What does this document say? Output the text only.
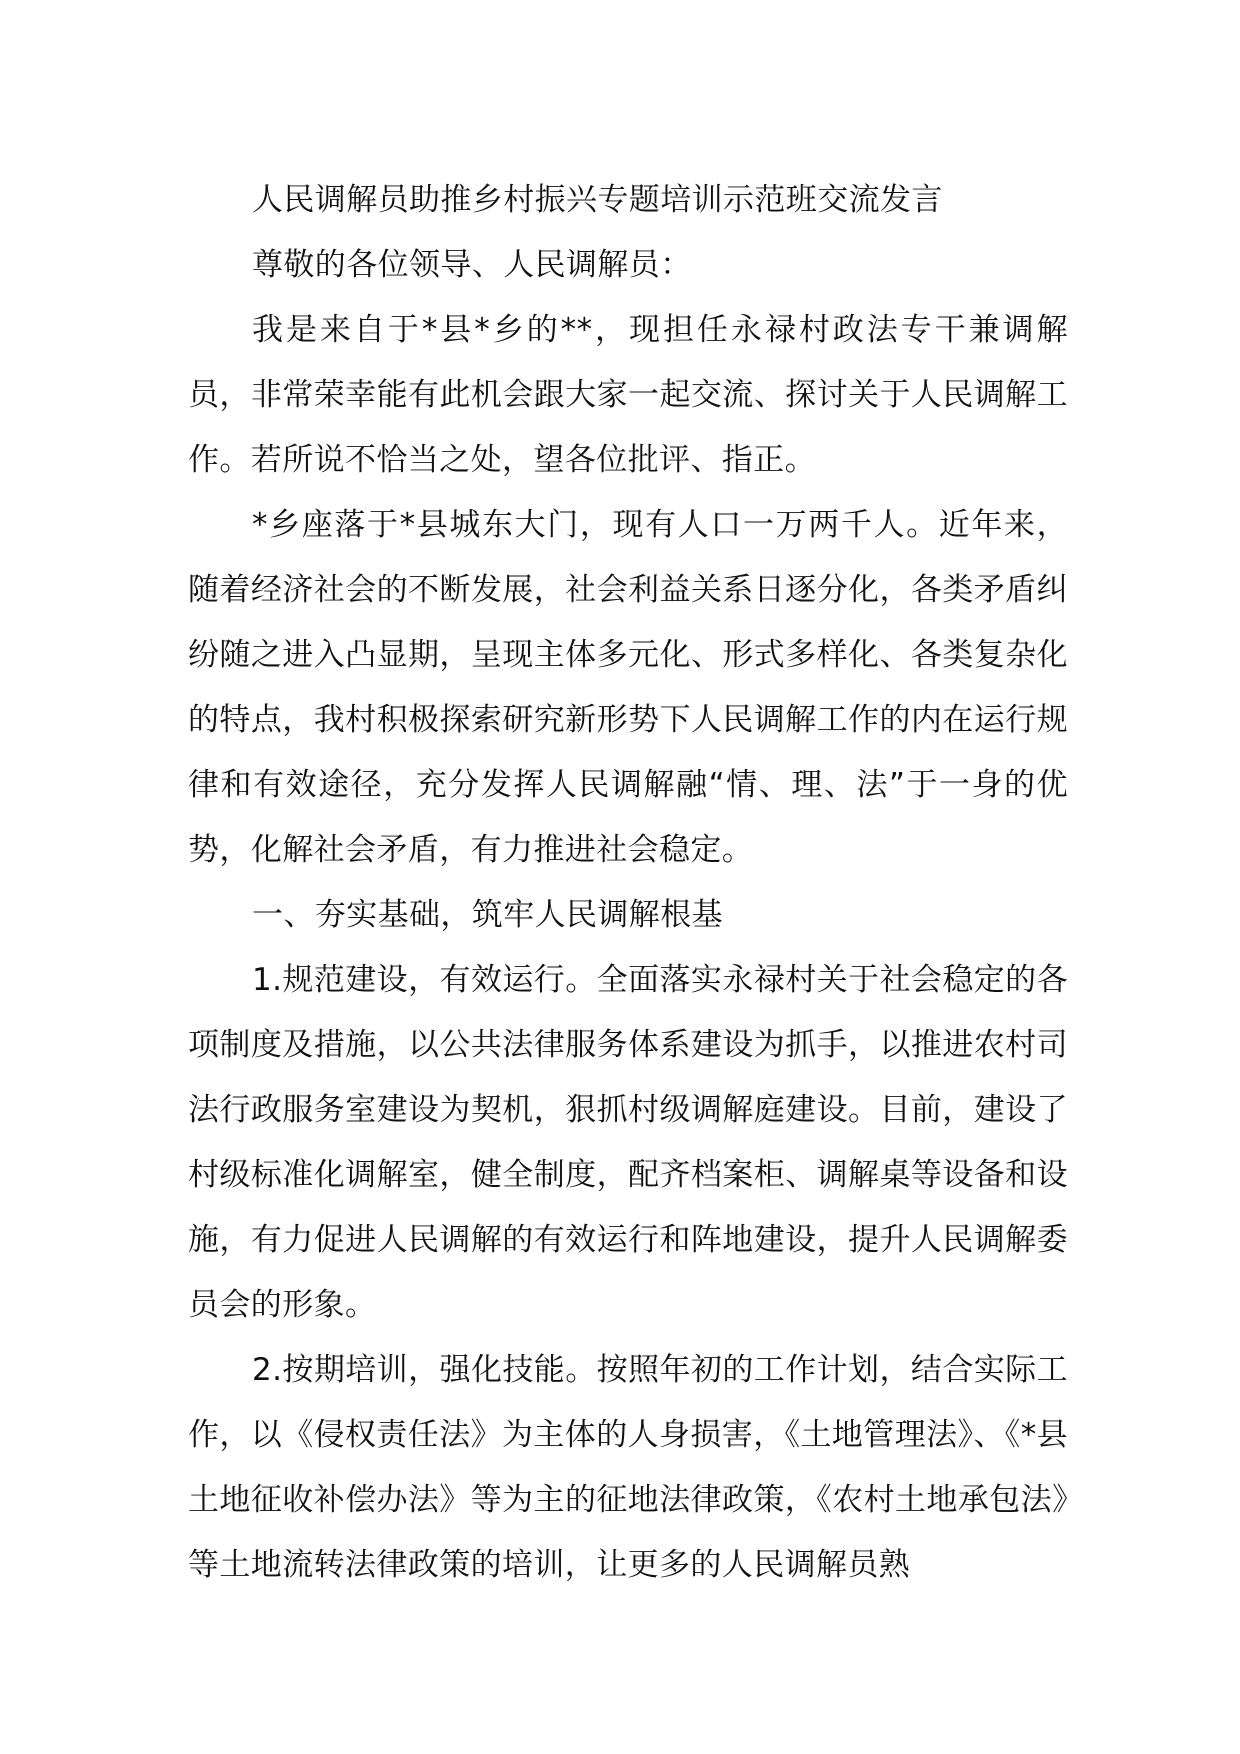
人民调解员助推乡村振兴专题培训示范班交流发言

尊敬的各位领导、人民调解员：

我是来自于*县*乡的**，现担任永禄村政法专干兼调解员，非常荣幸能有此机会跟大家一起交流、探讨关于人民调解工作。若所说不恰当之处，望各位批评、指正。

*乡座落于*县城东大门，现有人口一万两千人。近年来，随着经济社会的不断发展，社会利益关系日逐分化，各类矛盾纠纷随之进入凸显期，呈现主体多元化、形式多样化、各类复杂化的特点，我村积极探索研究新形势下人民调解工作的内在运行规律和有效途径，充分发挥人民调解融“情、理、法”于一身的优势，化解社会矛盾，有力推进社会稳定。

一、夯实基础，筑牢人民调解根基

1.规范建设，有效运行。全面落实永禄村关于社会稳定的各项制度及措施，以公共法律服务体系建设为抓手，以推进农村司法行政服务室建设为契机，狠抓村级调解庭建设。目前，建设了村级标准化调解室，健全制度，配齐档案柜、调解桌等设备和设施，有力促进人民调解的有效运行和阵地建设，提升人民调解委员会的形象。

2.按期培训，强化技能。按照年初的工作计划，结合实际工作，以《侵权责任法》为主体的人身损害，《土地管理法》、《*县土地征收补偿办法》等为主的征地法律政策，《农村土地承包法》等土地流转法律政策的培训，让更多的人民调解员熟
